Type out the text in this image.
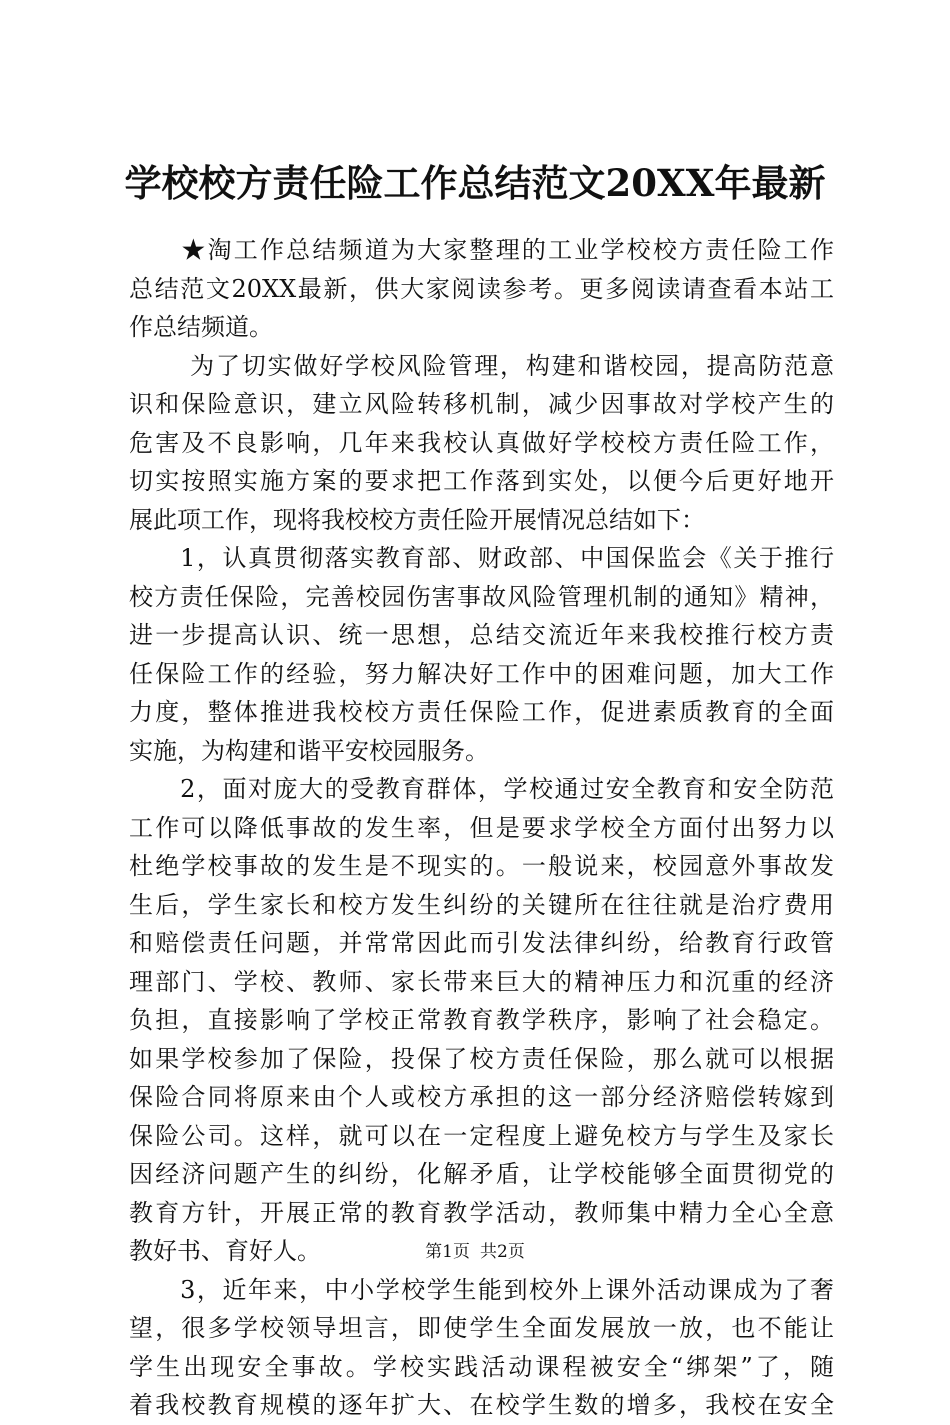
学校校方责任险工作总结范文20XX年最新
　　★淘工作总结频道为大家整理的工业学校校方责任险工作
总结范文20XX最新，供大家阅读参考。更多阅读请查看本站工
作总结频道。
　　 为了切实做好学校风险管理，构建和谐校园，提高防范意
识和保险意识，建立风险转移机制，减少因事故对学校产生的
危害及不良影响，几年来我校认真做好学校校方责任险工作，
切实按照实施方案的要求把工作落到实处，以便今后更好地开
展此项工作，现将我校校方责任险开展情况总结如下：
　　1，认真贯彻落实教育部、财政部、中国保监会《关于推行
校方责任保险，完善校园伤害事故风险管理机制的通知》精神，
进一步提高认识、统一思想，总结交流近年来我校推行校方责
任保险工作的经验，努力解决好工作中的困难问题，加大工作
力度，整体推进我校校方责任保险工作，促进素质教育的全面
实施，为构建和谐平安校园服务。
　　2，面对庞大的受教育群体，学校通过安全教育和安全防范
工作可以降低事故的发生率，但是要求学校全方面付出努力以
杜绝学校事故的发生是不现实的。一般说来，校园意外事故发
生后，学生家长和校方发生纠纷的关键所在往往就是治疗费用
和赔偿责任问题，并常常因此而引发法律纠纷，给教育行政管
理部门、学校、教师、家长带来巨大的精神压力和沉重的经济
负担，直接影响了学校正常教育教学秩序，影响了社会稳定。
如果学校参加了保险，投保了校方责任保险，那么就可以根据
保险合同将原来由个人或校方承担的这一部分经济赔偿转嫁到
保险公司。这样，就可以在一定程度上避免校方与学生及家长
因经济问题产生的纠纷，化解矛盾，让学校能够全面贯彻党的
教育方针，开展正常的教育教学活动，教师集中精力全心全意
教好书、育好人。
　　3，近年来，中小学校学生能到校外上课外活动课成为了奢
望，很多学校领导坦言，即使学生全面发展放一放，也不能让
学生出现安全事故。学校实践活动课程被安全“绑架”了，随
着我校教育规模的逐年扩大、在校学生数的增多，我校在安全
第1页 共2页
